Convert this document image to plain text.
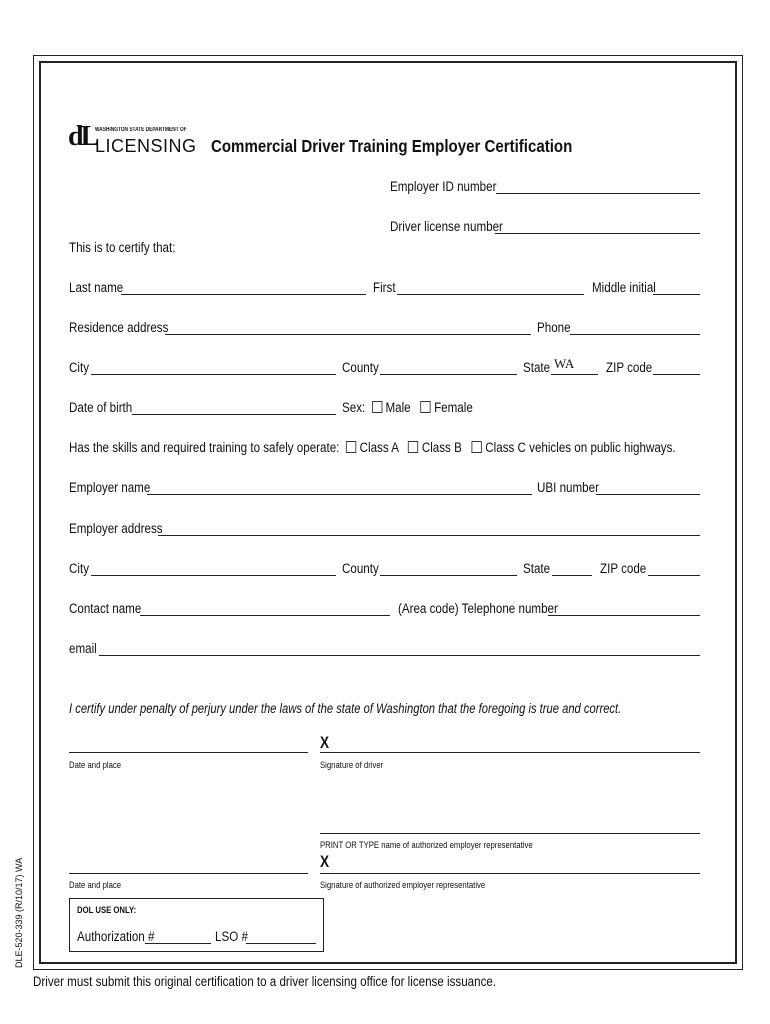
dL
WASHINGTON STATE DEPARTMENT OF
LICENSING Commercial Driver Training Employer Certification
Employer ID number
Driver license number
This is to certify that:
Last name	First	Middle initial
Residence address	Phone
City	County	State WA ZIP code
Date of birth	Sex: Male Female
Has the skills and required training to safely operate: Class A Class B Class C vehicles on public highways.
Employer name	UBI number
Employer address
City	County	State	ZIP code
Contact name	(Area code) Telephone number
email
I certify under penalty of perjury under the laws of the state of Washington that the foregoing is true and correct.
Date and place
X
Signature of driver
PRINT OR TYPE name of authorized employer representative
X
Date and place	Signature of authorized employer representative
DOL USE ONLY:
Authorization #	LSO #
DLE-520-339 (R/10/17) WA
Driver must submit this original certification to a driver licensing office for license issuance.
